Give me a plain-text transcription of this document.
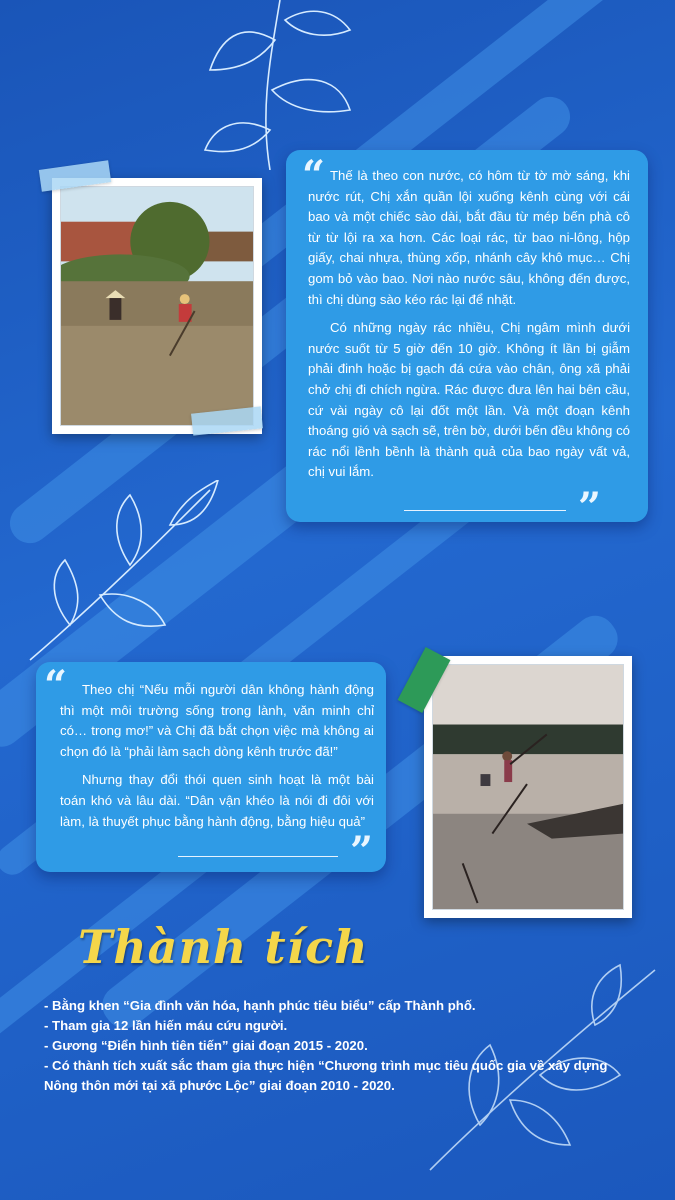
“ Thế là theo con nước, có hôm từ tờ mờ sáng, khi nước rút, Chị xắn quần lội xuống kênh cùng với cái bao và một chiếc sào dài, bắt đầu từ mép bến phà cô từ từ lội ra xa hơn. Các loại rác, từ bao ni-lông, hộp giấy, chai nhựa, thùng xốp, nhánh cây khô mục… Chị gom bỏ vào bao. Nơi nào nước sâu, không đến được, thì chị dùng sào kéo rác lại để nhặt.

Có những ngày rác nhiều, Chị ngâm mình dưới nước suốt từ 5 giờ đến 10 giờ. Không ít lần bị giẫm phải đinh hoặc bị gạch đá cứa vào chân, ông xã phải chở chị đi chích ngừa. Rác được đưa lên hai bên cầu, cứ vài ngày cô lại đốt một lần. Và một đoạn kênh thoáng gió và sạch sẽ, trên bờ, dưới bến đều không có rác nổi lềnh bềnh là thành quả của bao ngày vất vả, chị vui lắm.

”
“	Theo chị “Nếu mỗi người dân không hành động thì một môi trường sống trong lành, văn minh chỉ có… trong mơ!” và Chị đã bắt chọn việc mà không ai chọn đó là “phải làm sạch dòng kênh trước đã!”

Nhưng thay đổi thói quen sinh hoạt là một bài toán khó và lâu dài. “Dân vận khéo là nói đi đôi với làm, là thuyết phục bằng hành động, bằng hiệu quả”

”
Thành tích
- Bằng khen “Gia đình văn hóa, hạnh phúc tiêu biểu” cấp Thành phố.
- Tham gia 12 lần hiến máu cứu người.
- Gương “Điển hình tiên tiến” giai đoạn 2015 - 2020.
- Có thành tích xuất sắc tham gia thực hiện “Chương trình mục tiêu quốc gia về xây dựng Nông thôn mới tại xã phước Lộc” giai đoạn 2010 - 2020.
